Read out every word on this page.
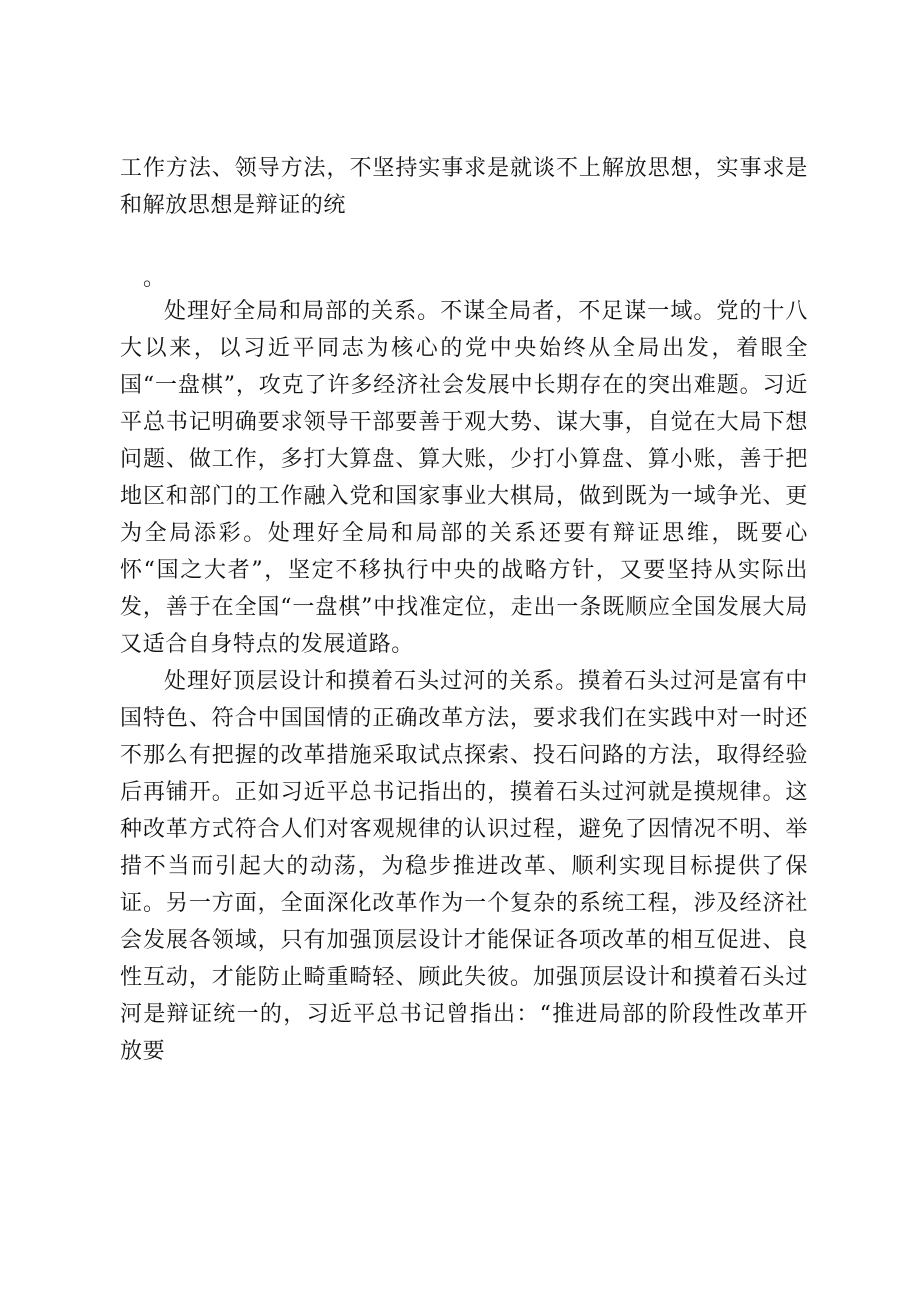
工作方法、领导方法，不坚持实事求是就谈不上解放思想，实事求是和解放思想是辩证的统

。

处理好全局和局部的关系。不谋全局者，不足谋一域。党的十八大以来，以习近平同志为核心的党中央始终从全局出发，着眼全国“一盘棋”，攻克了许多经济社会发展中长期存在的突出难题。习近平总书记明确要求领导干部要善于观大势、谋大事，自觉在大局下想问题、做工作，多打大算盘、算大账，少打小算盘、算小账，善于把地区和部门的工作融入党和国家事业大棋局，做到既为一域争光、更为全局添彩。处理好全局和局部的关系还要有辩证思维，既要心怀“国之大者”，坚定不移执行中央的战略方针，又要坚持从实际出发，善于在全国“一盘棋”中找准定位，走出一条既顺应全国发展大局又适合自身特点的发展道路。

处理好顶层设计和摸着石头过河的关系。摸着石头过河是富有中国特色、符合中国国情的正确改革方法，要求我们在实践中对一时还不那么有把握的改革措施采取试点探索、投石问路的方法，取得经验后再铺开。正如习近平总书记指出的，摸着石头过河就是摸规律。这种改革方式符合人们对客观规律的认识过程，避免了因情况不明、举措不当而引起大的动荡，为稳步推进改革、顺利实现目标提供了保证。另一方面，全面深化改革作为一个复杂的系统工程，涉及经济社会发展各领域，只有加强顶层设计才能保证各项改革的相互促进、良性互动，才能防止畸重畸轻、顾此失彼。加强顶层设计和摸着石头过河是辩证统一的，习近平总书记曾指出：“推进局部的阶段性改革开放要
